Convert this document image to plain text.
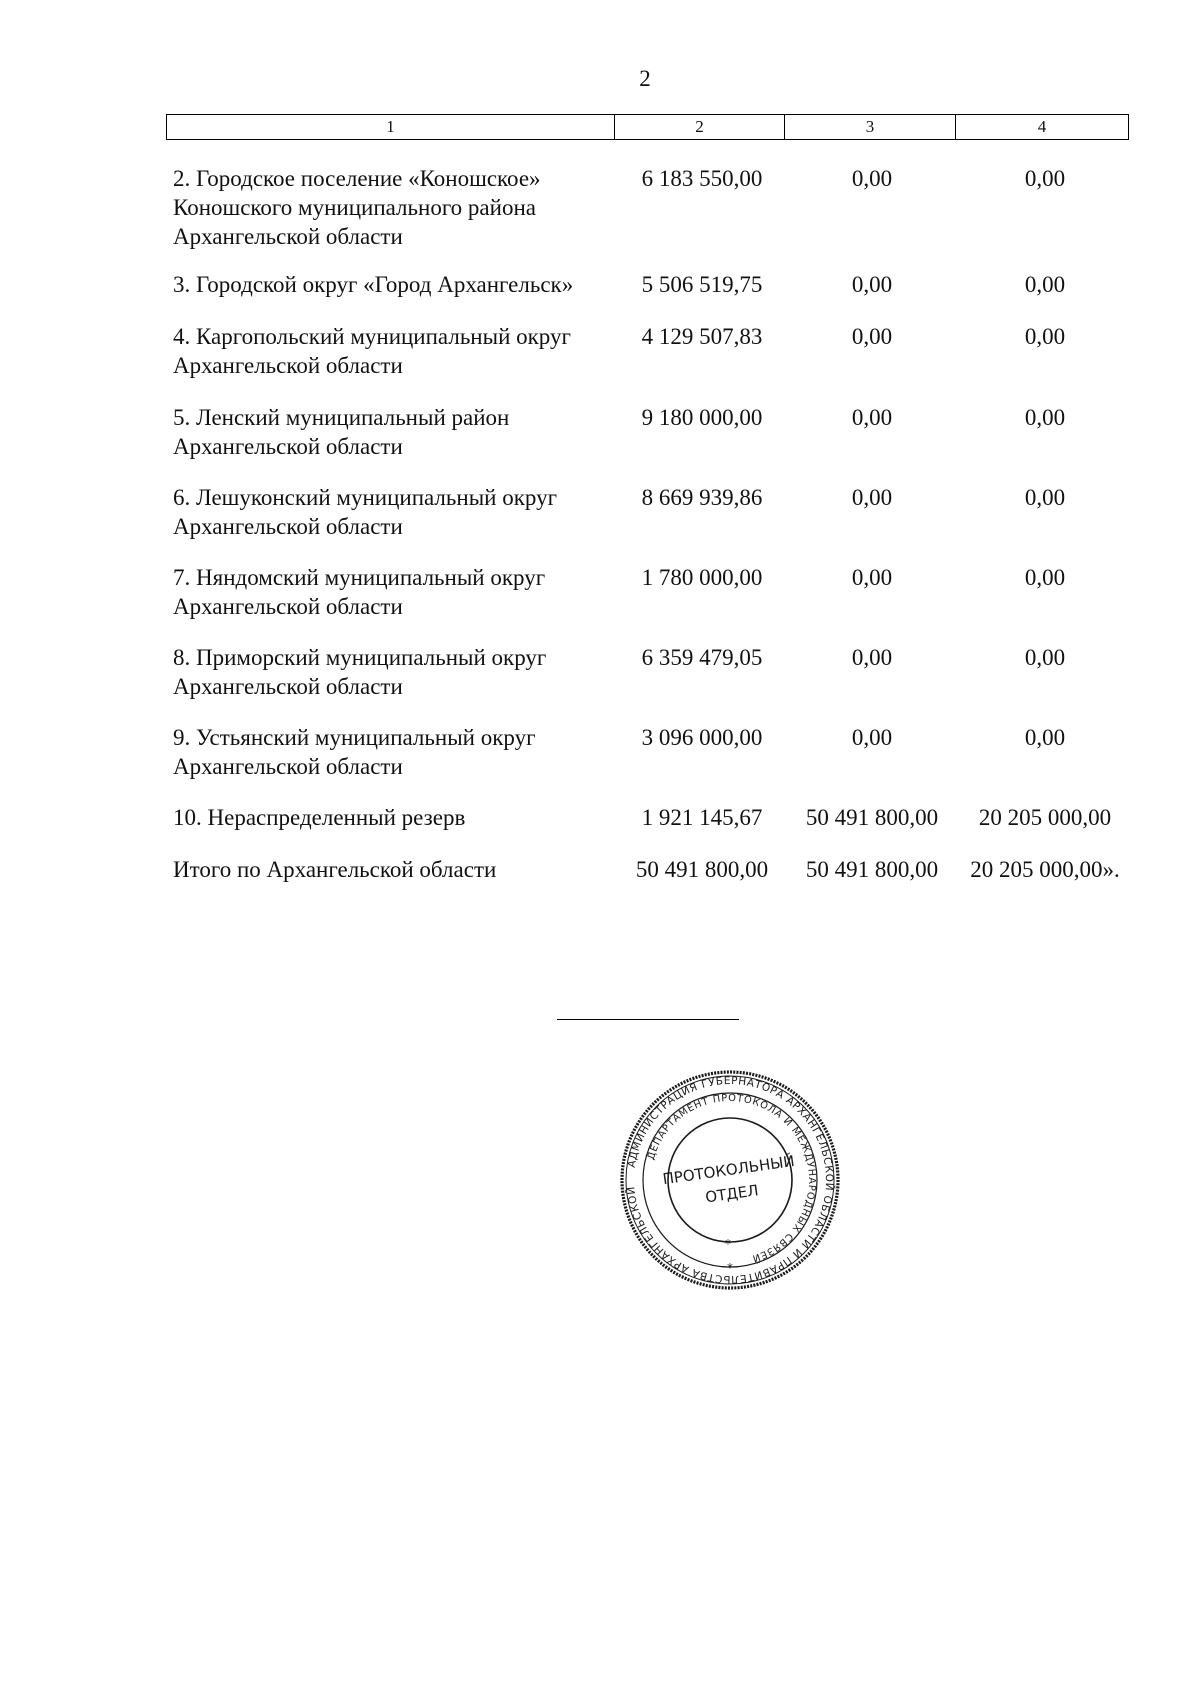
2
1	2	3	4
2. Городское поселение «Коношское»
Коношского муниципального района
Архангельской области
6 183 550,00	0,00	0,00
3. Городской округ «Город Архангельск»	5 506 519,75	0,00	0,00
4. Каргопольский муниципальный округ
Архангельской области
4 129 507,83	0,00	0,00
5. Ленский муниципальный район
Архангельской области
9 180 000,00	0,00	0,00
6. Лешуконский муниципальный округ
Архангельской области
8 669 939,86	0,00	0,00
7. Няндомский муниципальный округ
Архангельской области
1 780 000,00	0,00	0,00
8. Приморский муниципальный округ
Архангельской области
6 359 479,05	0,00	0,00
9. Устьянский муниципальный округ
Архангельской области
3 096 000,00	0,00	0,00
10. Нераспределенный резерв	1 921 145,67	50 491 800,00	20 205 000,00
Итого по Архангельской области	50 491 800,00	50 491 800,00	20 205 000,00».
АДМИНИСТРАЦИЯ ГУБЕРНАТОРА АРХАНГЕЛЬСКОЙ ОБЛАСТИ И ПРАВИТЕЛЬСТВА АРХАНГЕЛЬСКОЙ
ДЕПАРТАМЕНТ ПРОТОКОЛА И МЕЖДУНАРОДНЫХ СВЯЗЕЙ
ПРОТОКОЛЬНЫЙ
ОТДЕЛ
*
*
